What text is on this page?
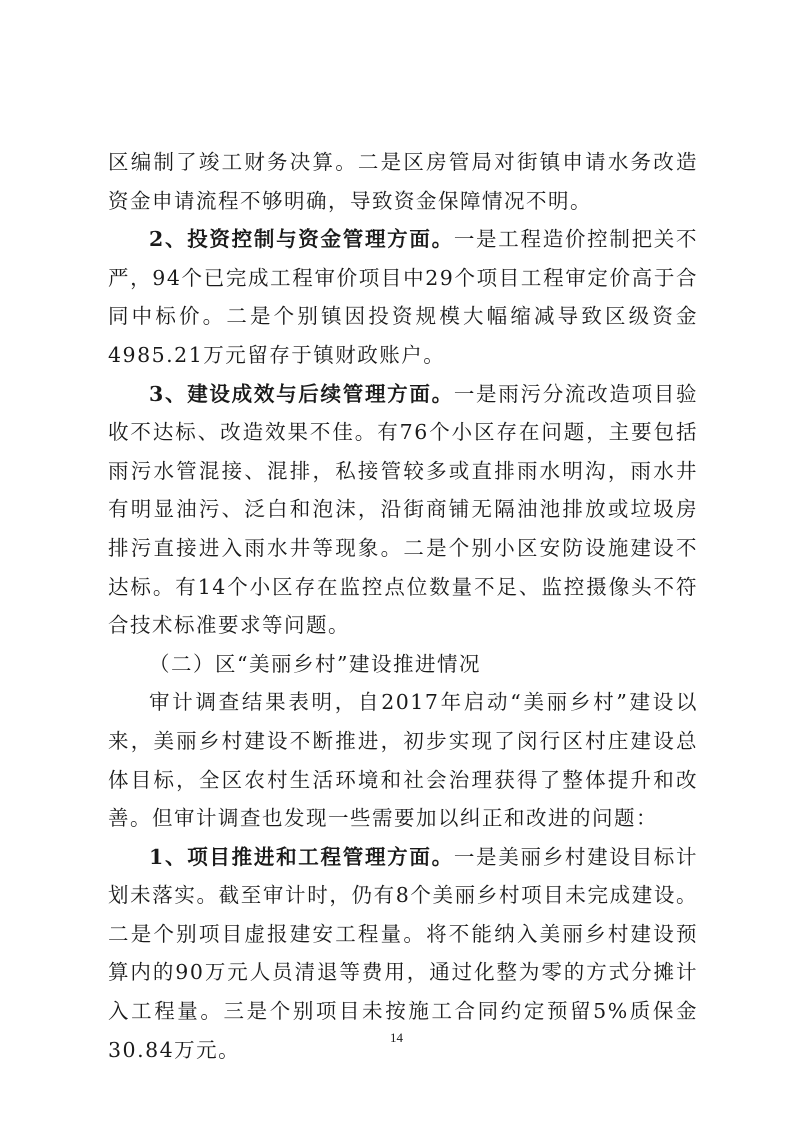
区编制了竣工财务决算。二是区房管局对街镇申请水务改造资金申请流程不够明确，导致资金保障情况不明。

2、投资控制与资金管理方面。一是工程造价控制把关不严，94个已完成工程审价项目中29个项目工程审定价高于合同中标价。二是个别镇因投资规模大幅缩减导致区级资金4985.21万元留存于镇财政账户。

3、建设成效与后续管理方面。一是雨污分流改造项目验收不达标、改造效果不佳。有76个小区存在问题，主要包括雨污水管混接、混排，私接管较多或直排雨水明沟，雨水井有明显油污、泛白和泡沫，沿街商铺无隔油池排放或垃圾房排污直接进入雨水井等现象。二是个别小区安防设施建设不达标。有14个小区存在监控点位数量不足、监控摄像头不符合技术标准要求等问题。

（二）区“美丽乡村”建设推进情况

审计调查结果表明，自2017年启动“美丽乡村”建设以来，美丽乡村建设不断推进，初步实现了闵行区村庄建设总体目标，全区农村生活环境和社会治理获得了整体提升和改善。但审计调查也发现一些需要加以纠正和改进的问题：

1、项目推进和工程管理方面。一是美丽乡村建设目标计划未落实。截至审计时，仍有8个美丽乡村项目未完成建设。二是个别项目虚报建安工程量。将不能纳入美丽乡村建设预算内的90万元人员清退等费用，通过化整为零的方式分摊计入工程量。三是个别项目未按施工合同约定预留5%质保金30.84万元。

14
